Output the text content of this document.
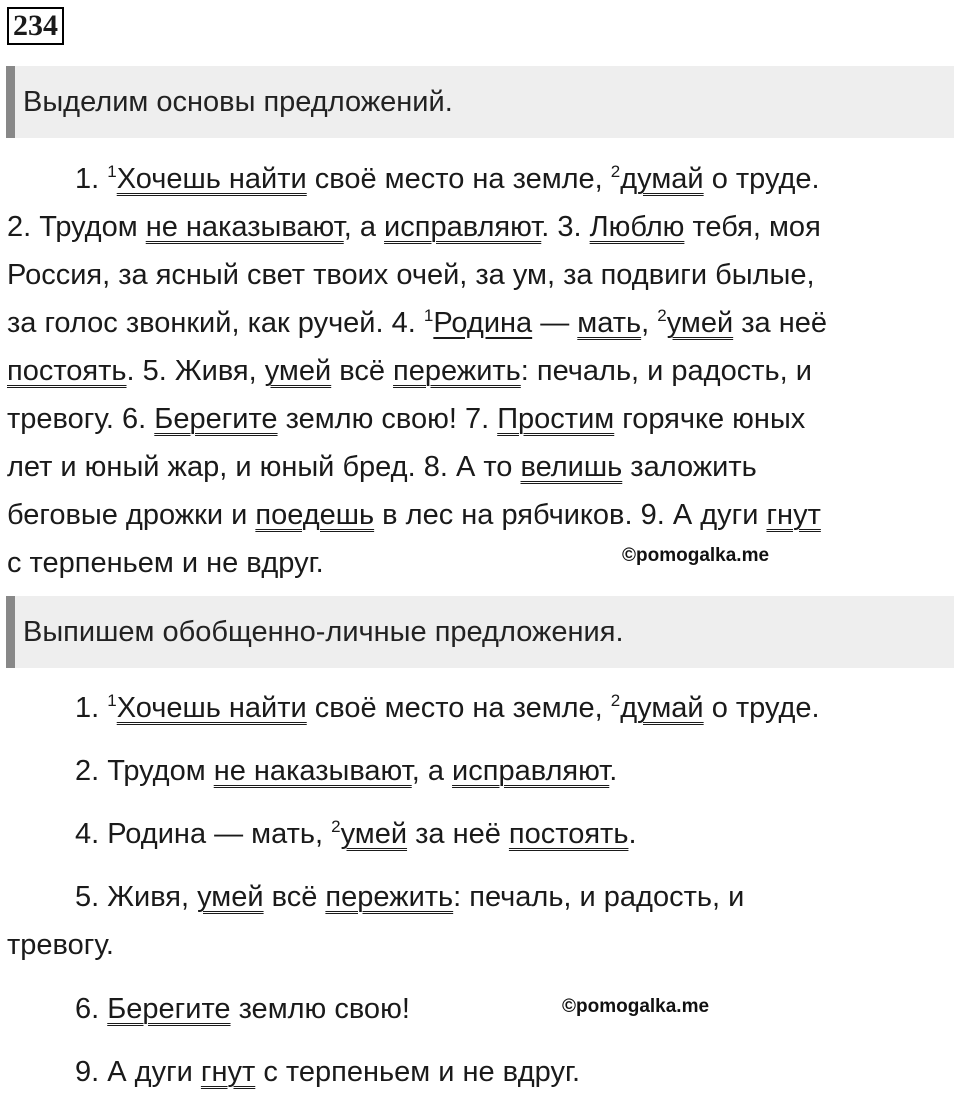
234
Выделим основы предложений.
1. $^1$Хочешь найти своё место на земле, $^2$думай о труде.
2. Трудом не наказывают, а исправляют. 3. Люблю тебя, моя
Россия, за ясный свет твоих очей, за ум, за подвиги былые,
за голос звонкий, как ручей. 4. $^1$Родина — мать, $^2$умей за неё
постоять. 5. Живя, умей всё пережить: печаль, и радость, и
тревогу. 6. Берегите землю свою! 7. Простим горячке юных
лет и юный жар, и юный бред. 8. А то велишь заложить
беговые дрожки и поедешь в лес на рябчиков. 9. А дуги гнут
с терпеньем и не вдруг.	©pomogalka.me
Выпишем обобщенно-личные предложения.
1. $^1$Хочешь найти своё место на земле, $^2$думай о труде.
2. Трудом не наказывают, а исправляют.
4. Родина — мать, $^2$умей за неё постоять.
5. Живя, умей всё пережить: печаль, и радость, и
тревогу.
6. Берегите землю свою!
9. А дуги гнут с терпеньем и не вдруг.
©pomogalka.me
